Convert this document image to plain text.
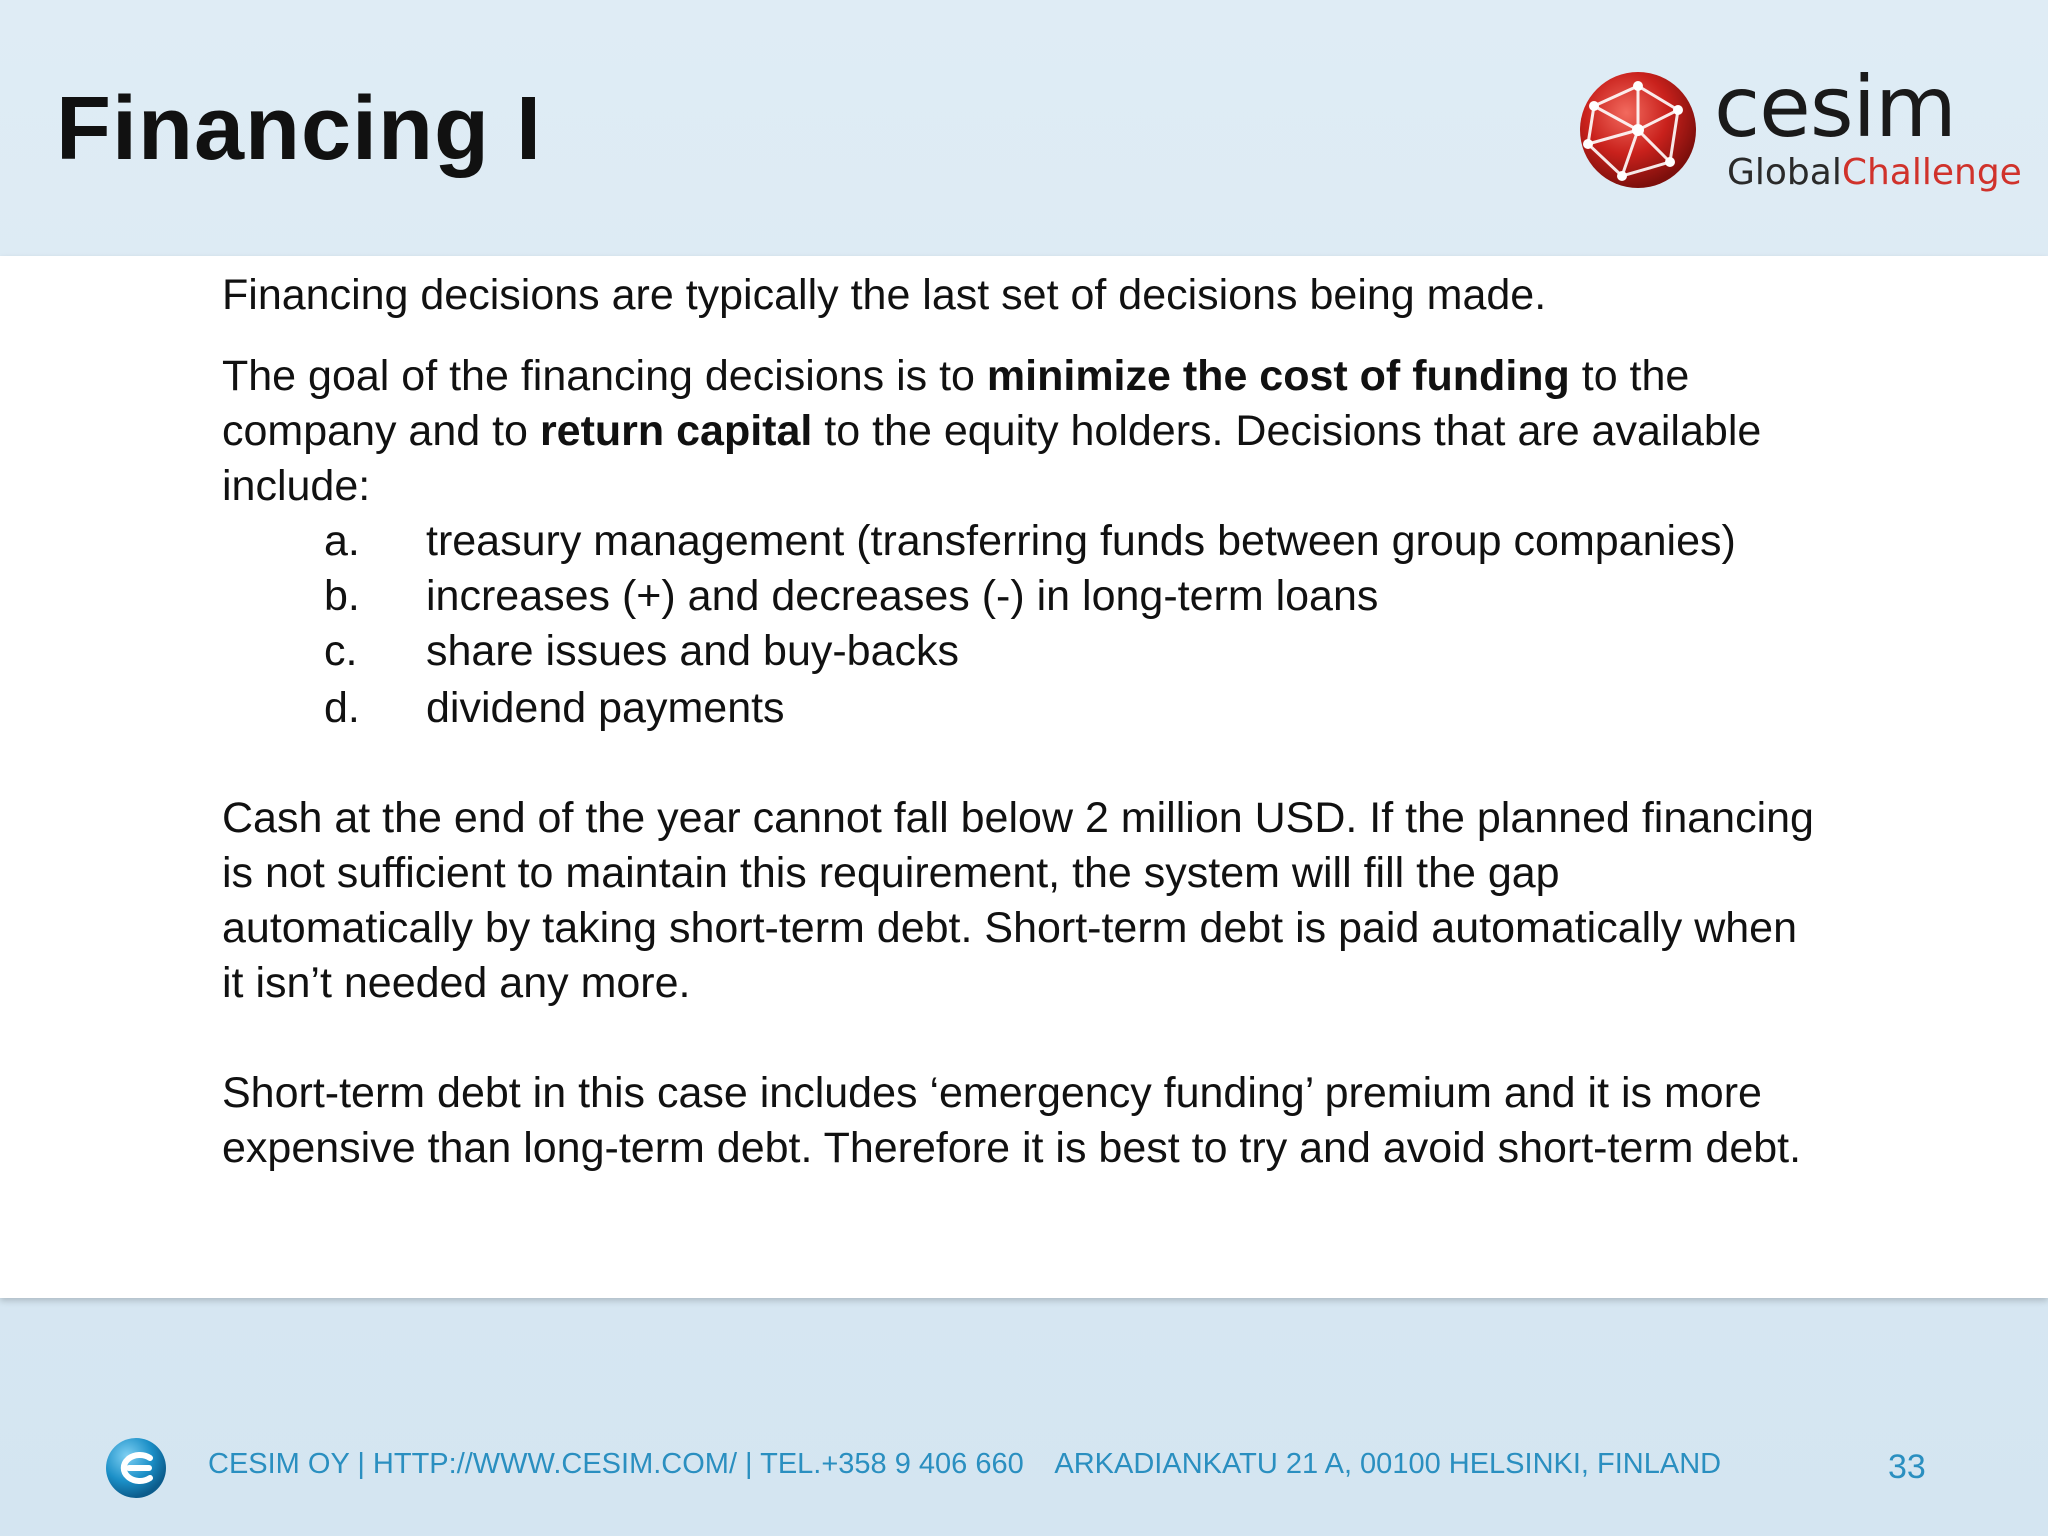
Financing I	cesim
GlobalChallenge

Financing decisions are typically the last set of decisions being made.

The goal of the financing decisions is to minimize the cost of funding to the company and to return capital to the equity holders. Decisions that are available include:

a. treasury management (transferring funds between group companies)
b. increases (+) and decreases (-) in long-term loans
c. share issues and buy-backs
d. dividend payments

Cash at the end of the year cannot fall below 2 million USD. If the planned financing is not sufficient to maintain this requirement, the system will fill the gap automatically by taking short-term debt. Short-term debt is paid automatically when it isn’t needed any more.

Short-term debt in this case includes ‘emergency funding’ premium and it is more expensive than long-term debt. Therefore it is best to try and avoid short-term debt.

CESIM OY | HTTP://WWW.CESIM.COM/ | TEL.+358 9 406 660    ARKADIANKATU 21 A, 00100 HELSINKI, FINLAND	33
